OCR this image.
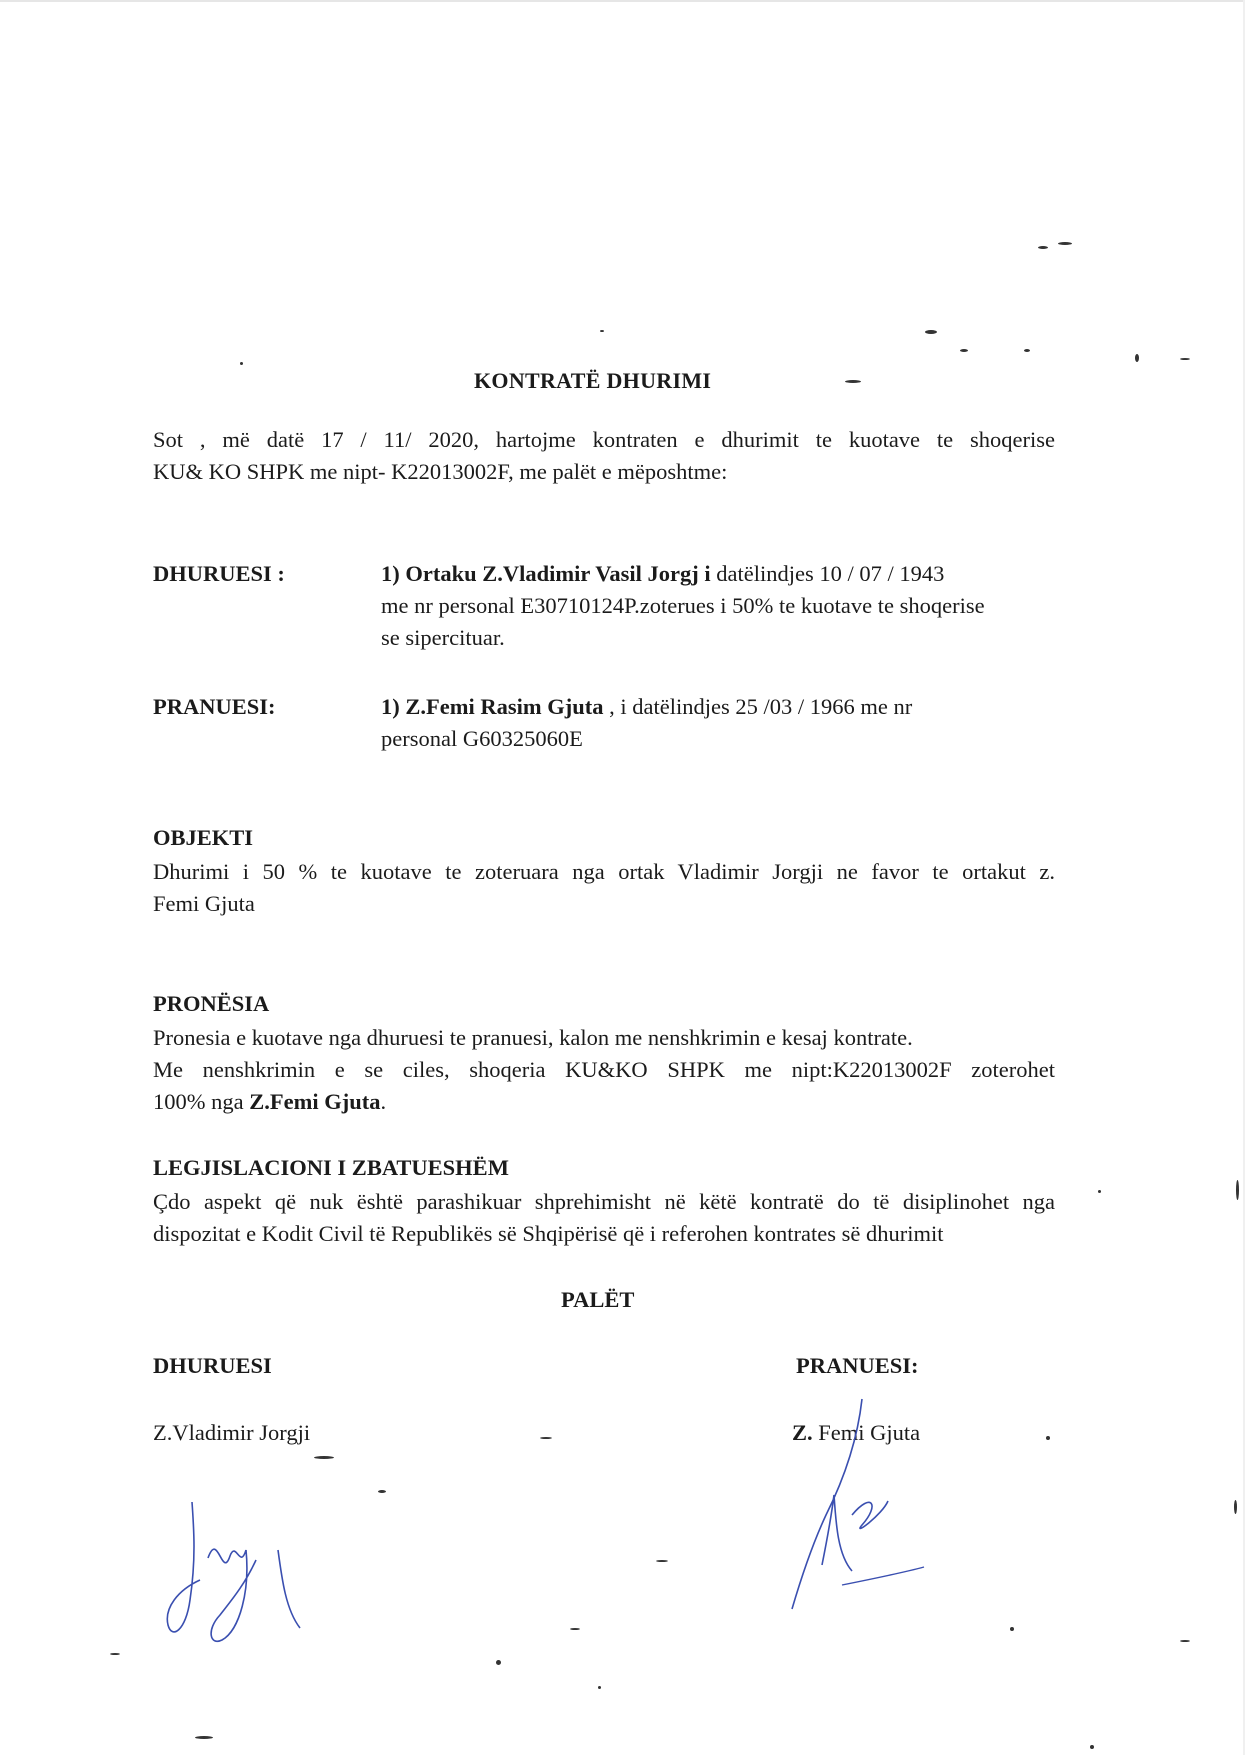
KONTRATË DHURIMI
Sot , më datë 17 / 11/ 2020, hartojme kontraten e dhurimit te kuotave te shoqerise
KU& KO SHPK me nipt- K22013002F, me palët e mëposhtme:
DHURUESI :	1) Ortaku Z.Vladimir Vasil Jorgj i datëlindjes 10 / 07 / 1943
me nr personal E30710124P.zoterues i 50% te kuotave te shoqerise
se sipercituar.
PRANUESI:	1) Z.Femi Rasim Gjuta , i datëlindjes 25 /03 / 1966 me nr
personal G60325060E
OBJEKTI
Dhurimi i 50 % te kuotave te zoteruara nga ortak Vladimir Jorgji ne favor te ortakut z.
Femi Gjuta
PRONËSIA
Pronesia e kuotave nga dhuruesi te pranuesi, kalon me nenshkrimin e kesaj kontrate.
Me nenshkrimin e se ciles, shoqeria KU&KO SHPK me nipt:K22013002F zoterohet
100% nga Z.Femi Gjuta.
LEGJISLACIONI I ZBATUESHËM
Çdo aspekt që nuk është parashikuar shprehimisht në këtë kontratë do të disiplinohet nga
dispozitat e Kodit Civil të Republikës së Shqipërisë që i referohen kontrates së dhurimit
PALËT
DHURUESI
Z.Vladimir Jorgji
PRANUESI:
Z. Femi Gjuta
